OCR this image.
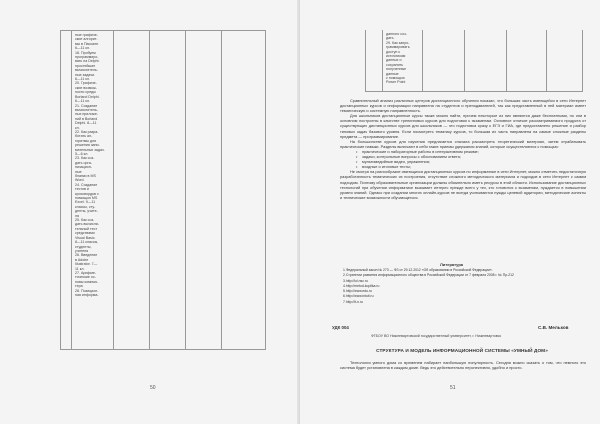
ные графиче-
ские алгорит-
мы в Паскале.
6—11 кл.
18. Пробуем
программиро-
вать на Delphi:
простейшие
вычислитель-
ные задачи.
6—11 кл.
20. Графиче-
ские возмож-
ности среды
Borland Delphi.
6—11 кл.
21. Создание
вычислитель-
ных приложе-
ний в Borland
Delphi. 8—11
кл.
22. Как разра-
ботать ал-
горитмы для
решения зани-
мательных задач.
5—6 кл.
23. Как соз-
дать орга-
низацион-
ные
бланки в MS
Word.
24. Создание
тестов и
кроссвордов с
помощью MS
Excel. 9—11
классы, сту-
денты, учите-
ля
25. Как соз-
дать вычисли-
тельный тест
средствами
Visual Basic.
8—11 классы,
студенты,
учителя
26. Введение
в Adobe
Illustrator. 7—
11 кл.
27. Арифме-
тические ос-
новы компью-
тера
28. Позицион-
ная информа-
50
данного соз-
дать.
29. Как запро-
граммировать
доступ к
источникам
данных и
сохранять
полученные
данные
с помощью
Power Point

Сравнительный анализ различных центров дистанционного обучения показал, что большая часть имеющейся в сети Интернет дистанционных курсов и информации направлена на студентов и преподавателей, так как представленный в ней материал имеет тематическую и системную направленность.

Для школьников дистанционные курсы также можно найти, причем некоторые из них являются даже бесплатными, но они в основном построены в качестве тренинговых курсов для подготовки к экзаменам. Основное отличие рассматриваемого продукта от существующих дистанционных курсов для школьников — это подготовка сразу к ЕГЭ и ГИА, где предоставлено решение и разбор типовых задач базового уровня. Если посмотреть тематику курсов, то большая их часть направлена на самые сложные разделы предмета — программирование.

На большинстве курсов для изучения предлагается сначала рассмотреть теоретический материал, затем отрабатывать практические навыки. Разделы включают в себя такие приемы удержания знаний, которые осуществляются с помощью:

• практические и лабораторные работы в интерактивном режиме;
• задачи, контрольные вопросы с обоснованием ответа;
• мультимедийные видео, упражнения;
• входные и итоговые тесты;

Не смотря на разнообразие имеющихся дистанционных курсов по информатике в сети Интернет, можно отметить недостаточную разработанность тематических их построения, отсутствие сложного методического материала и подходов в сети Интернет с самим подходом. Поэтому образовательные организации должны обязательно иметь ресурсы в этой области. Использование дистанционных технологий при обучении информатике вызывает интерес прежде всего у тех, кто готовится к экзаменам, нуждается в повышении уровня знаний. Однако при создании многих онлайн-курсов не всегда учитываются нужды целевой аудитории, методические аспекты и технические возможности обучающегося.

Литература
1.Федеральный закон № 273 — ФЗ от 29.12.2012 «Об образовании в Российской Федерации».
2.Стратегии развития информационного общества в Российской Федерации от 7 февраля 2008 г. № Пр-212
3.http://ioi.nsc.ru
4.http://metod-kopilka.ru
5.http://www.edu.ru
6.http://www.intuit.ru
7.http://it-n.ru
УДК 004	С.В. Мельков
ФГБОУ ВО Нижневартовский государственный университет, г. Нижневартовск
СТРУКТУРА И МОДЕЛЬ ИНФОРМАЦИОННОЙ СИСТЕМЫ «УМНЫЙ ДОМ»

Технология умного дома со временем набирает наибольшую популярность. Сегодня можно сказать о том, что немного это система будет установлена в каждом доме. Ведь это действительно перспективно, удобно и просто.

51
